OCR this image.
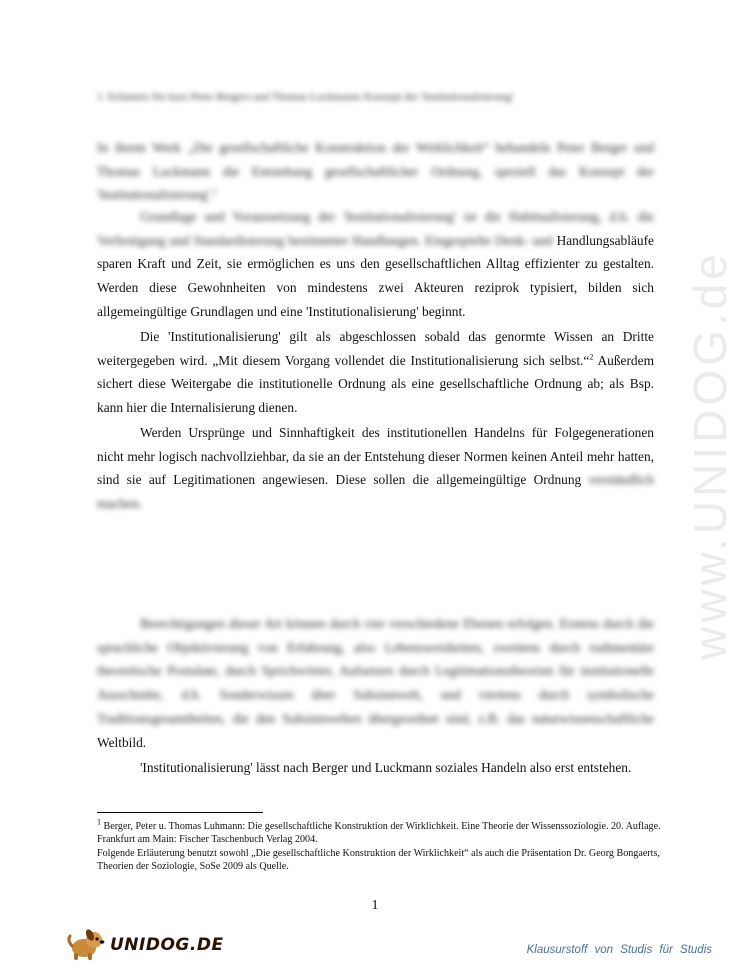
www.UNIDOG.de
1. Erläutern Sie kurz Peter Bergers und Thomas Luckmanns Konzept der 'Institutionalisierung'
In ihrem Werk „Die gesellschaftliche Konstruktion der Wirklichkeit“ behandeln Peter Berger und Thomas Luckmann die Entstehung gesellschaftlicher Ordnung, speziell das Konzept der 'Institutionalisierung'.$^1$
Grundlage und Voraussetzung der 'Institutionalisierung' ist die Habitualisierung, d.h. die Verfestigung und Standardisierung bestimmter Handlungen. Eingespielte Denk- und Handlungsabläufe sparen Kraft und Zeit, sie ermöglichen es uns den gesellschaftlichen Alltag effizienter zu gestalten. Werden diese Gewohnheiten von mindestens zwei Akteuren reziprok typisiert, bilden sich allgemeingültige Grundlagen und eine 'Institutionalisierung' beginnt.
Die 'Institutionalisierung' gilt als abgeschlossen sobald das genormte Wissen an Dritte weitergegeben wird. „Mit diesem Vorgang vollendet die Institutionalisierung sich selbst.“$^2$ Außerdem sichert diese Weitergabe die institutionelle Ordnung als eine gesellschaftliche Ordnung ab; als Bsp. kann hier die Internalisierung dienen.
Werden Ursprünge und Sinnhaftigkeit des institutionellen Handelns für Folgegenerationen nicht mehr logisch nachvollziehbar, da sie an der Entstehung dieser Normen keinen Anteil mehr hatten, sind sie auf Legitimationen angewiesen. Diese sollen die allgemeingültige Ordnung verständlich machen.
Berechtigungen dieser Art können durch vier verschiedene Ebenen erfolgen. Erstens durch die sprachliche Objektivierung von Erfahrung, also Lebensweisheiten, zweitens durch rudimentäre theoretische Postulate, durch Sprichwörter, Aufsetzen durch Legitimationstheorien für institutionelle Ausschnitte, d.h. Sonderwissen über Subsinnwelt, und viertens durch symbolische Traditionsgesamtheiten, die den Subsinnwelten übergeordnet sind, z.B. das naturwissenschaftliche Weltbild.
'Institutionalisierung' lässt nach Berger und Luckmann soziales Handeln also erst entstehen.
$^1$ Berger, Peter u. Thomas Luhmann: Die gesellschaftliche Konstruktion der Wirklichkeit. Eine Theorie der Wissenssoziologie. 20. Auflage. Frankfurt am Main: Fischer Taschenbuch Verlag 2004.
Folgende Erläuterung benutzt sowohl „Die gesellschaftliche Konstruktion der Wirklichkeit“ als auch die Präsentation Dr. Georg Bongaerts, Theorien der Soziologie, SoSe 2009 als Quelle.
1
UNIDOG.DE	Klausurstoff von Studis für Studis
